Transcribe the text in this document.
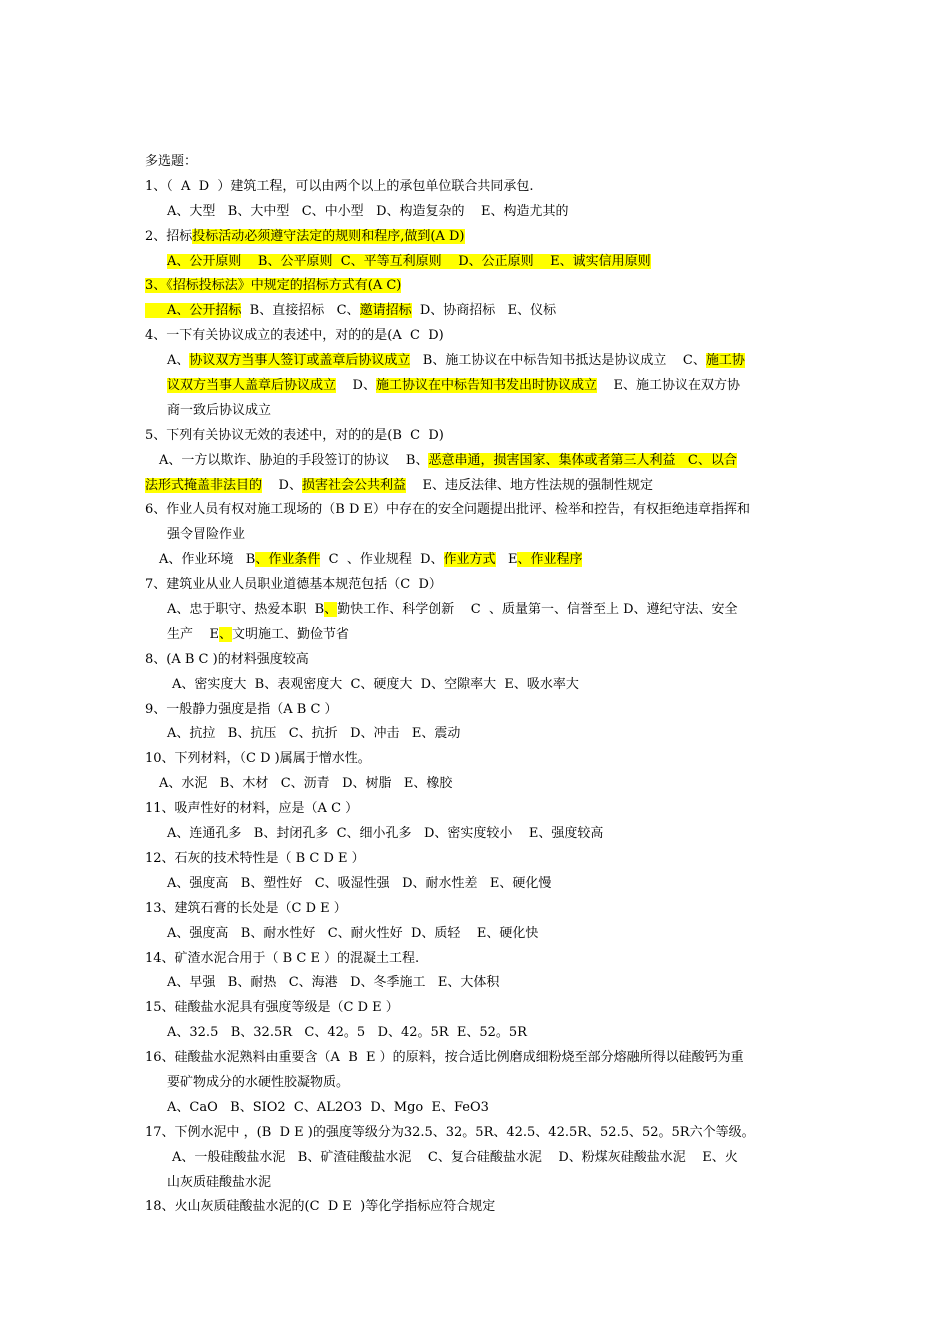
多选题：
1、（  A  D  ）建筑工程，可以由两个以上的承包单位联合共同承包.
A、大型   B、大中型   C、中小型   D、构造复杂的    E、构造尤其的
2、招标投标活动必须遵守法定的规则和程序,做到(A D)
A、公开原则    B、公平原则  C、平等互利原则    D、公正原则    E、诚实信用原则
3、《招标投标法》中规定的招标方式有(A C)
A、公开招标  B、直接招标   C、邀请招标  D、协商招标   E、仪标
4、一下有关协议成立的表述中，对的的是(A  C  D)
A、协议双方当事人签订或盖章后协议成立   B、施工协议在中标告知书抵达是协议成立    C、施工协
议双方当事人盖章后协议成立    D、施工协议在中标告知书发出时协议成立    E、施工协议在双方协
商一致后协议成立
5、下列有关协议无效的表述中，对的的是(B  C  D)
A、一方以欺诈、胁迫的手段签订的协议    B、恶意串通，损害国家、集体或者第三人利益   C、以合
法形式掩盖非法目的    D、损害社会公共利益    E、违反法律、地方性法规的强制性规定
6、作业人员有权对施工现场的（B D E）中存在的安全问题提出批评、检举和控告，有权拒绝违章指挥和
强令冒险作业
A、作业环境   B、作业条件  C  、作业规程  D、作业方式   E、作业程序
7、建筑业从业人员职业道德基本规范包括（C  D）
A、忠于职守、热爱本职  B、勤快工作、科学创新    C  、质量第一、信誉至上 D、遵纪守法、安全
生产    E、文明施工、勤俭节省
8、(A B C )的材料强度较高
A、密实度大  B、表观密度大  C、硬度大  D、空隙率大  E、吸水率大
9、一般静力强度是指（A B C ）
A、抗拉   B、抗压   C、抗折   D、冲击   E、震动
10、下列材料，（C D )属属于憎水性。
A、水泥   B、木材   C、沥青   D、树脂   E、橡胶
11、吸声性好的材料，应是（A C ）
A、连通孔多   B、封闭孔多  C、细小孔多   D、密实度较小    E、强度较高
12、石灰的技术特性是（ B C D E ）
A、强度高   B、塑性好   C、吸湿性强   D、耐水性差   E、硬化慢
13、建筑石膏的长处是（C D E ）
A、强度高   B、耐水性好   C、耐火性好  D、质轻    E、硬化快
14、矿渣水泥合用于（ B C E ）的混凝土工程.
A、早强   B、耐热   C、海港   D、冬季施工   E、大体积
15、硅酸盐水泥具有强度等级是（C D E ）
A、32.5   B、32.5R   C、42。5   D、42。5R  E、52。5R
16、硅酸盐水泥熟料由重要含（A  B  E ）的原料，按合适比例磨成细粉烧至部分熔融所得以硅酸钙为重
要矿物成分的水硬性胶凝物质。
A、CaO   B、SIO2  C、AL2O3  D、Mgo  E、FeO3
17、下例水泥中 ，(B  D E )的强度等级分为32.5、32。5R、42.5、42.5R、52.5、52。5R六个等级。
A、一般硅酸盐水泥   B、矿渣硅酸盐水泥    C、复合硅酸盐水泥    D、粉煤灰硅酸盐水泥    E、火
山灰质硅酸盐水泥
18、火山灰质硅酸盐水泥的(C  D E  )等化学指标应符合规定
